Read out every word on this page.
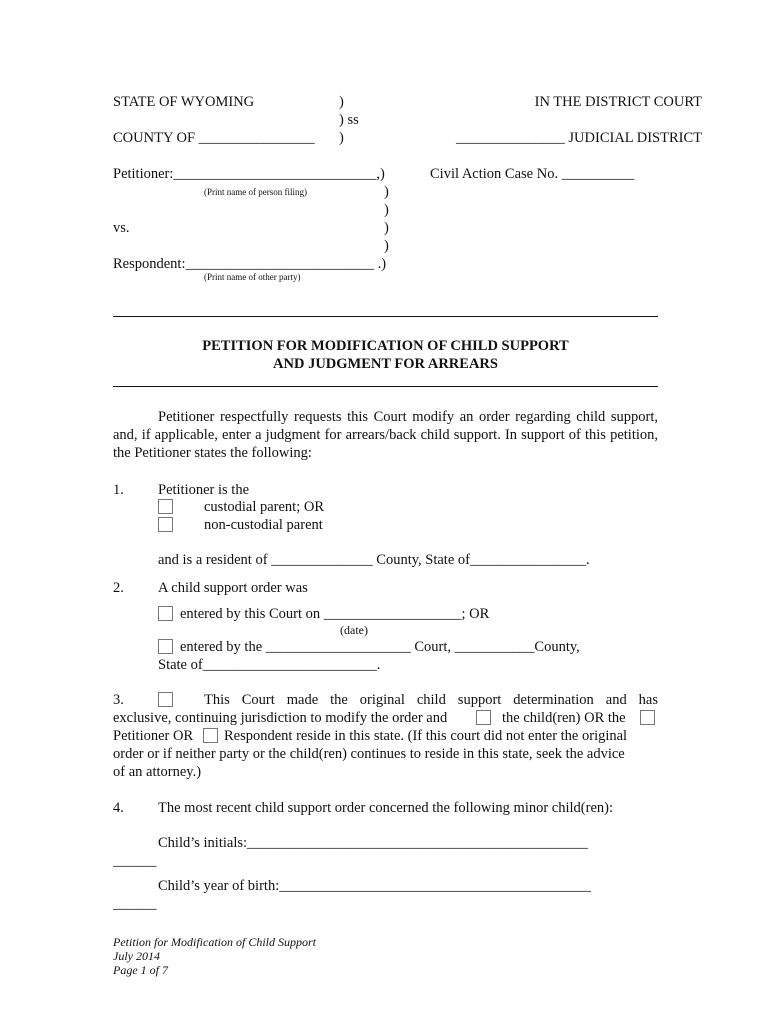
STATE OF WYOMING	)
) ss
COUNTY OF ________________ )
IN THE DISTRICT COURT
_______________ JUDICIAL DISTRICT
Petitioner:____________________________,)
(Print name of person filing)
Civil Action Case No. __________
)
)
vs.	)
)
Respondent:__________________________ .)
(Print name of other party)
PETITION FOR MODIFICATION OF CHILD SUPPORT
AND JUDGMENT FOR ARREARS
Petitioner respectfully requests this Court modify an order regarding child support, and, if applicable, enter a judgment for arrears/back child support. In support of this petition, the Petitioner states the following:
1. Petitioner is the
custodial parent; OR
non-custodial parent
and is a resident of ______________ County, State of________________.
2. A child support order was
entered by this Court on ___________________; OR
(date)
entered by the ____________________ Court, ___________County,
State of________________________.
3.	This Court made the original child support determination and has
exclusive, continuing jurisdiction to modify the order and	the child(ren) OR the
Petitioner OR Respondent reside in this state. (If this court did not enter the original
order or if neither party or the child(ren) continues to reside in this state, seek the advice
of an attorney.)
4. The most recent child support order concerned the following minor child(ren):
Child’s initials:_______________________________________________
______
Child’s year of birth:___________________________________________
______
Petition for Modification of Child Support
July 2014
Page 1 of 7
